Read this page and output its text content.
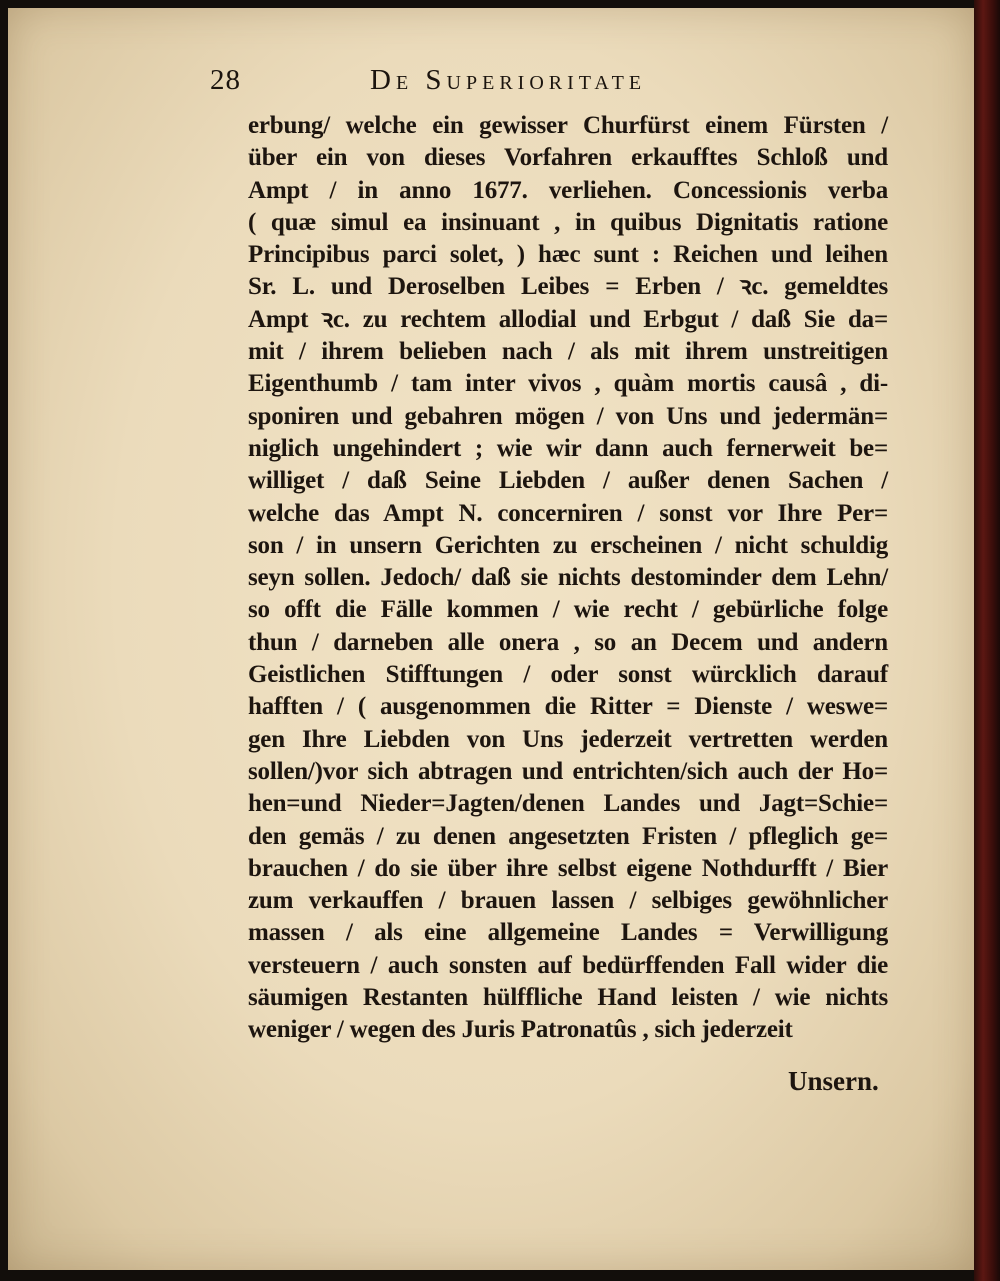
28	De Superioritate
erbung/ welche ein gewisser Churfürst einem Fürsten /
über ein von dieses Vorfahren erkaufftes Schloß und
Ampt / in anno 1677. verliehen. Concessionis verba
( quæ simul ea insinuant , in quibus Dignitatis ratione
Principibus parci solet, ) hæc sunt : Reichen und leihen
Sr. L. und Deroselben Leibes = Erben / ꝛc. gemeldtes
Ampt ꝛc. zu rechtem allodial und Erbgut / daß Sie da=
mit / ihrem belieben nach / als mit ihrem unstreitigen
Eigenthumb / tam inter vivos , quàm mortis causâ , di-
sponiren und gebahren mögen / von Uns und jedermän=
niglich ungehindert ; wie wir dann auch fernerweit be=
williget / daß Seine Liebden / außer denen Sachen /
welche das Ampt N. concerniren / sonst vor Ihre Per=
son / in unsern Gerichten zu erscheinen / nicht schuldig
seyn sollen. Jedoch/ daß sie nichts destominder dem Lehn/
so offt die Fälle kommen / wie recht / gebürliche folge
thun / darneben alle onera , so an Decem und andern
Geistlichen Stifftungen / oder sonst würcklich darauf
hafften / ( ausgenommen die Ritter = Dienste / weswe=
gen Ihre Liebden von Uns jederzeit vertretten werden
sollen/)vor sich abtragen und entrichten/sich auch der Ho=
hen=und Nieder=Jagten/denen Landes und Jagt=Schie=
den gemäs / zu denen angesetzten Fristen / pfleglich ge=
brauchen / do sie über ihre selbst eigene Nothdurfft / Bier
zum verkauffen / brauen lassen / selbiges gewöhnlicher
massen / als eine allgemeine Landes = Verwilligung
versteuern / auch sonsten auf bedürffenden Fall wider die
säumigen Restanten hülffliche Hand leisten / wie nichts
weniger / wegen des Juris Patronatûs , sich jederzeit
Unsern.
